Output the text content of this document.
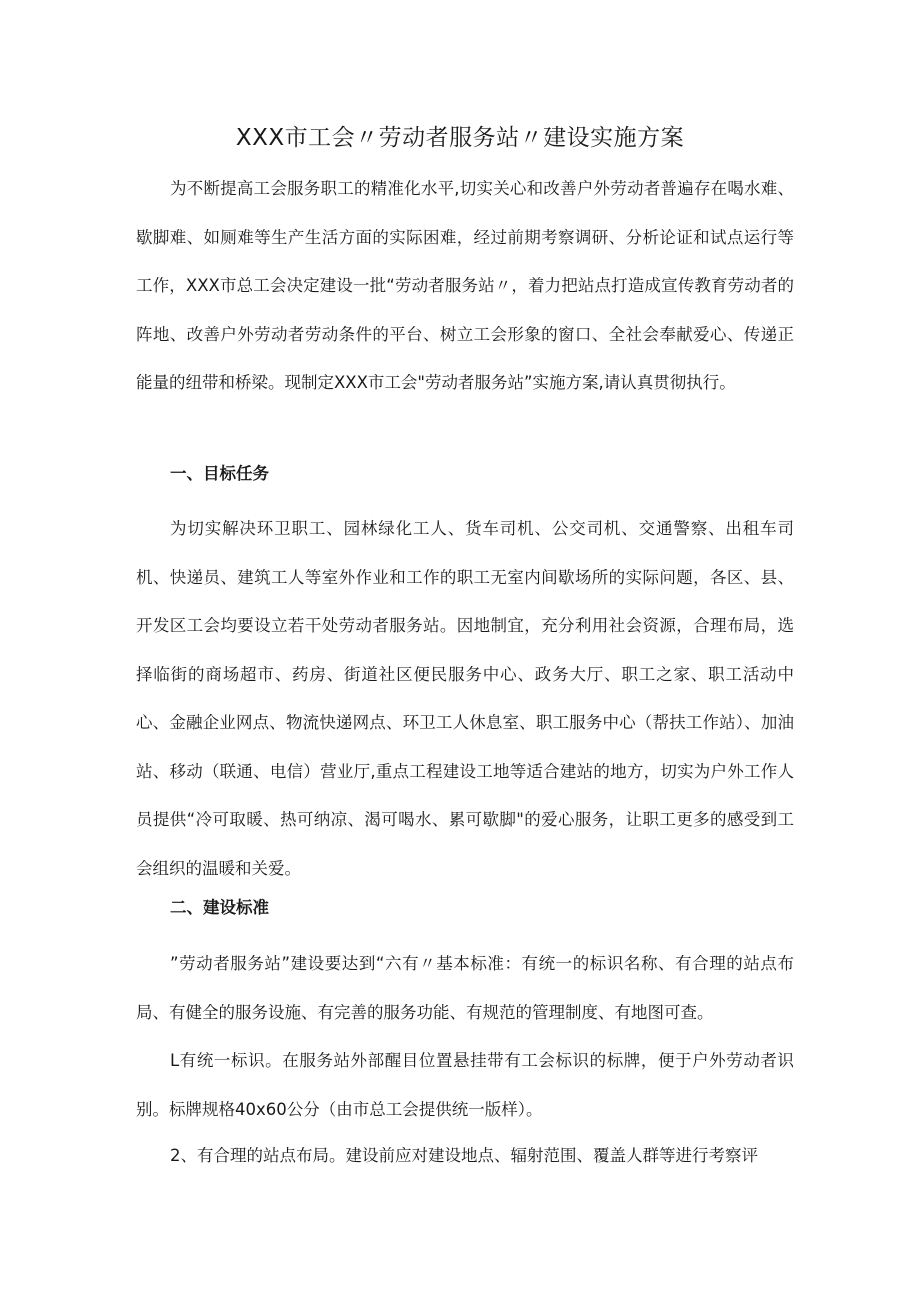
XXX市工会〃劳动者服务站〃建设实施方案

为不断提高工会服务职工的精准化水平,切实关心和改善户外劳动者普遍存在喝水难、歇脚难、如厕难等生产生活方面的实际困难，经过前期考察调研、分析论证和试点运行等工作，XXX市总工会决定建设一批“劳动者服务站〃，着力把站点打造成宣传教育劳动者的阵地、改善户外劳动者劳动条件的平台、树立工会形象的窗口、全社会奉献爱心、传递正能量的纽带和桥梁。现制定XXX市工会"劳动者服务站”实施方案,请认真贯彻执行。

一、目标任务

为切实解决环卫职工、园林绿化工人、货车司机、公交司机、交通警察、出租车司机、快递员、建筑工人等室外作业和工作的职工无室内间歇场所的实际问题，各区、县、开发区工会均要设立若干处劳动者服务站。因地制宜，充分利用社会资源，合理布局，选择临街的商场超市、药房、街道社区便民服务中心、政务大厅、职工之家、职工活动中心、金融企业网点、物流快递网点、环卫工人休息室、职工服务中心（帮扶工作站）、加油站、移动（联通、电信）营业厅,重点工程建设工地等适合建站的地方，切实为户外工作人员提供“冷可取暖、热可纳凉、渴可喝水、累可歇脚"的爱心服务，让职工更多的感受到工会组织的温暖和关爱。

二、建设标准

”劳动者服务站”建设要达到“六有〃基本标准：有统一的标识名称、有合理的站点布局、有健全的服务设施、有完善的服务功能、有规范的管理制度、有地图可查。

L有统一标识。在服务站外部醒目位置悬挂带有工会标识的标牌，便于户外劳动者识别。标牌规格40x60公分（由市总工会提供统一版样）。

2、有合理的站点布局。建设前应对建设地点、辐射范围、覆盖人群等进行考察评
